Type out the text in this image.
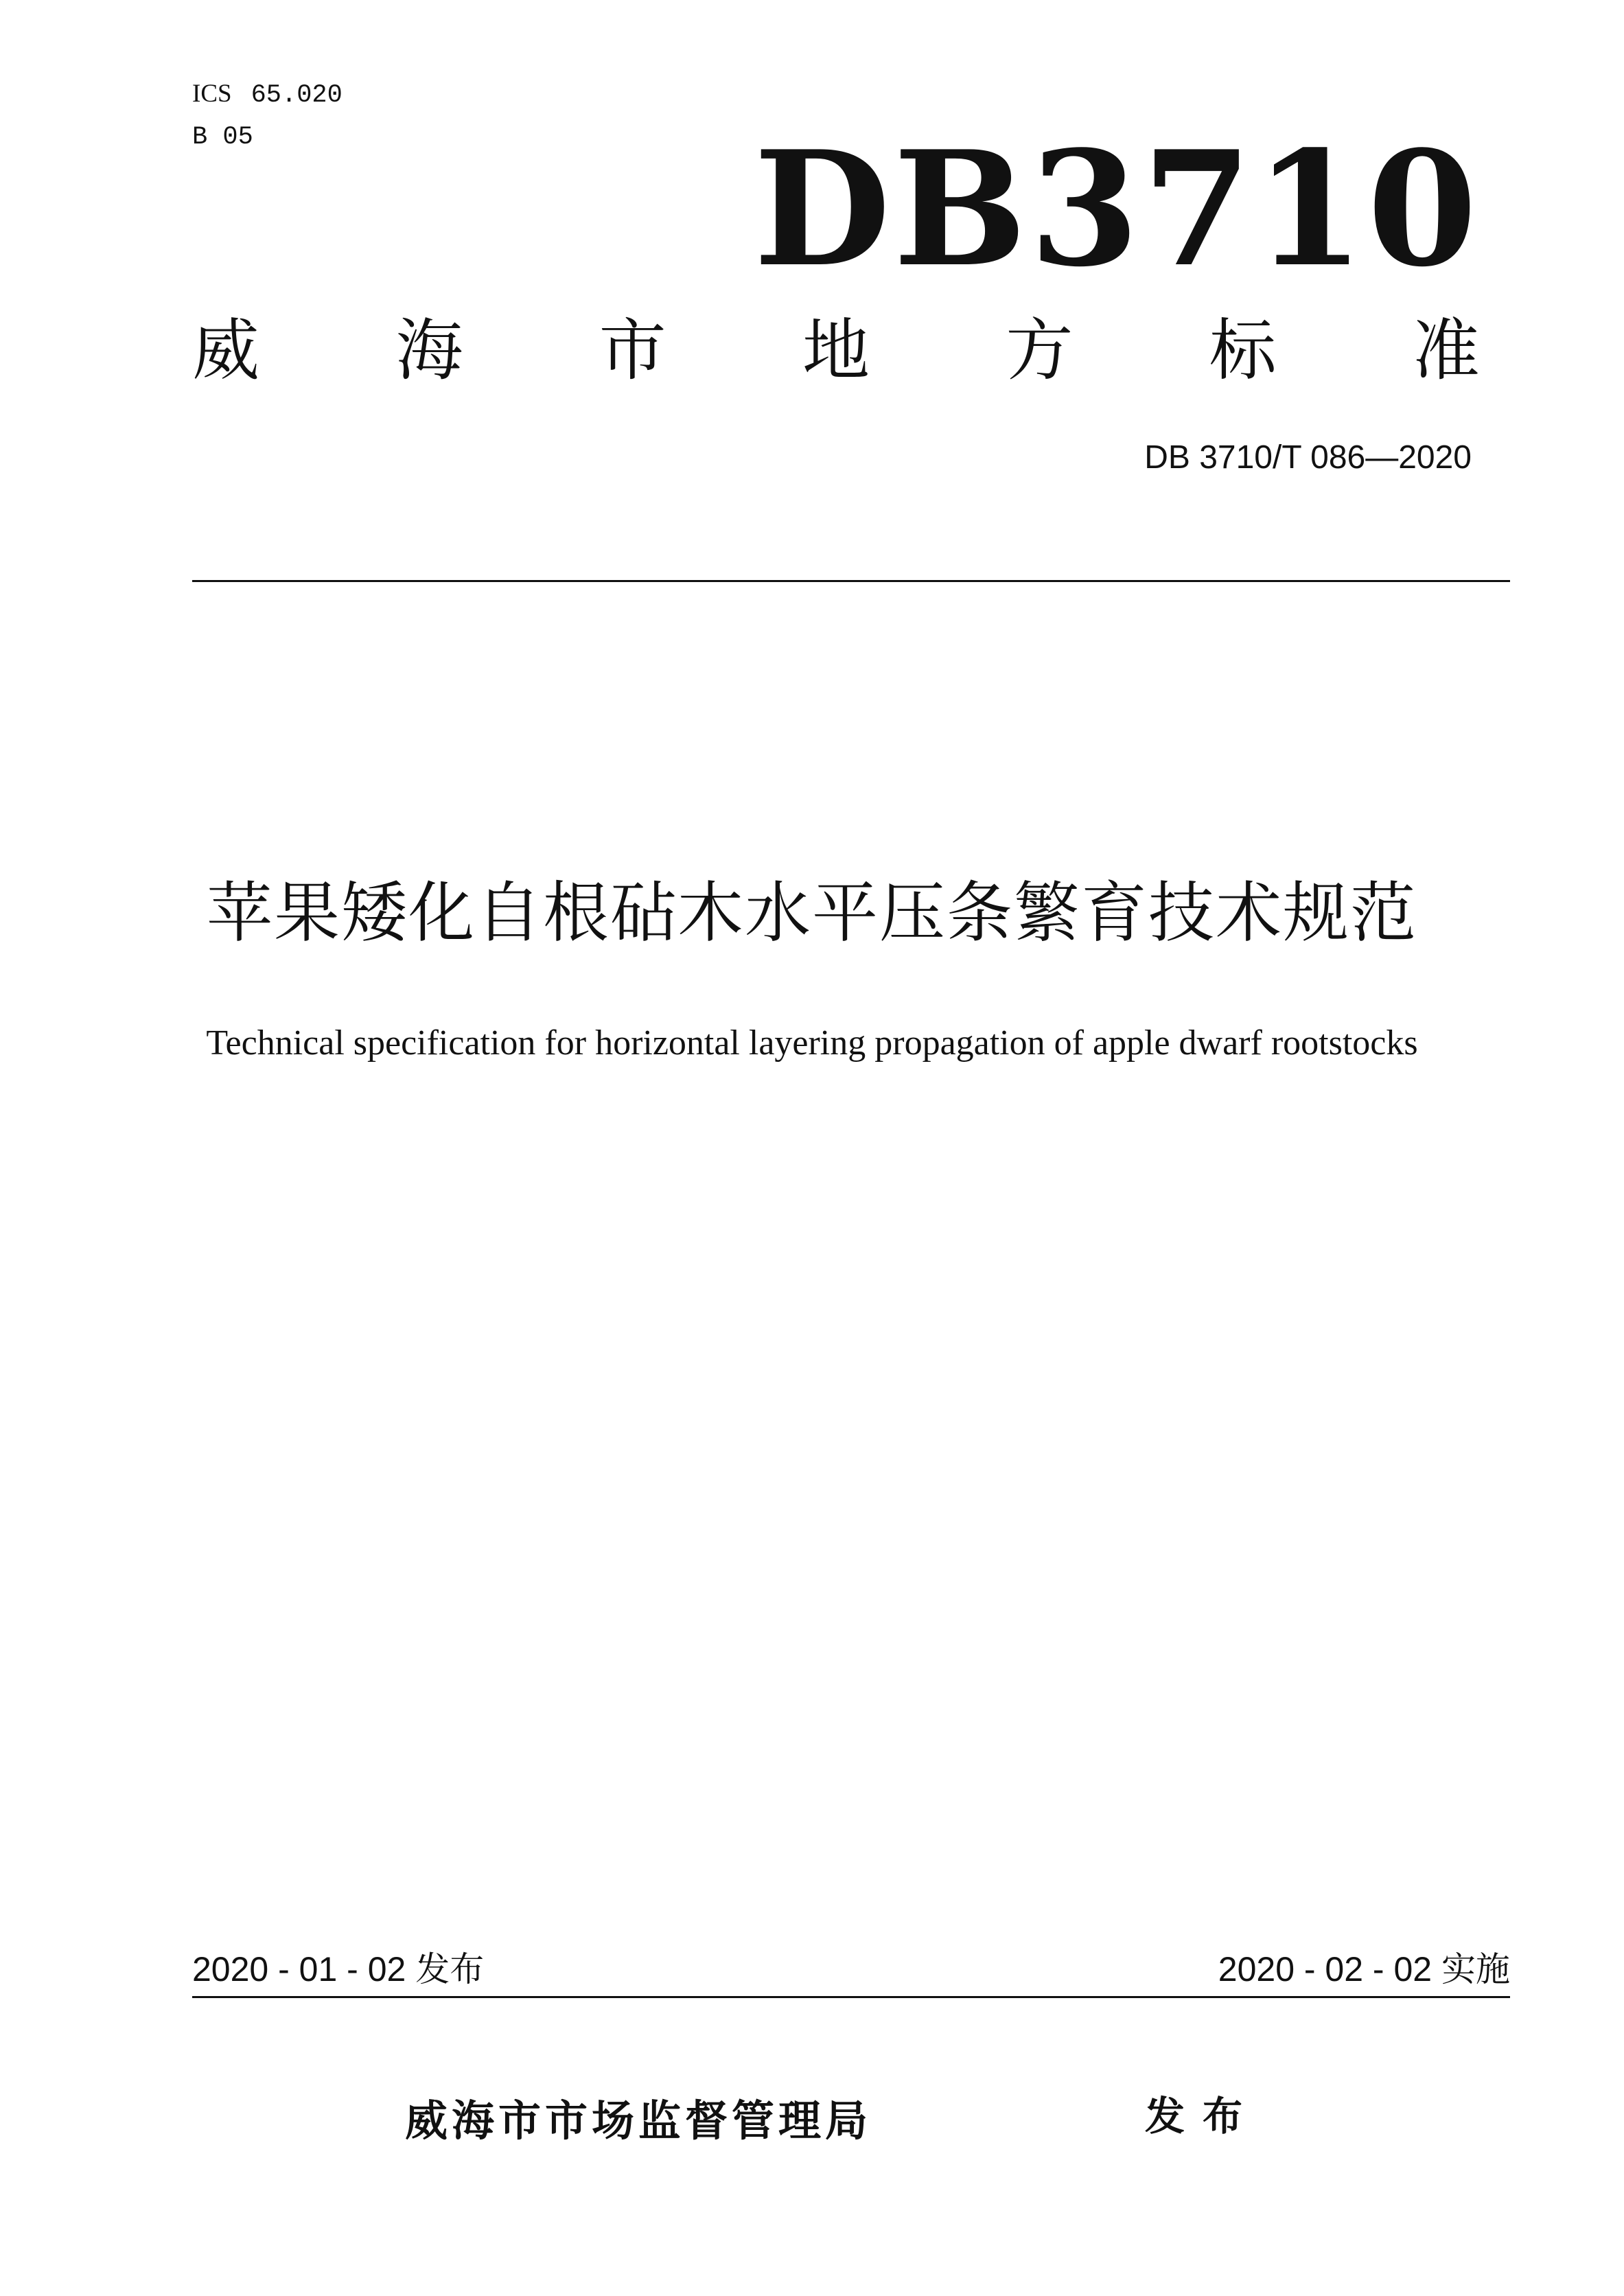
ICS 65.020
B 05	DB3710
威 海 市 地 方 标 准
DB 3710/T 086—2020
苹果矮化自根砧木水平压条繁育技术规范
Technical specification for horizontal layering propagation of apple dwarf rootstocks
2020 - 01 - 02 发布	2020 - 02 - 02 实施
威海市市场监督管理局	发布
